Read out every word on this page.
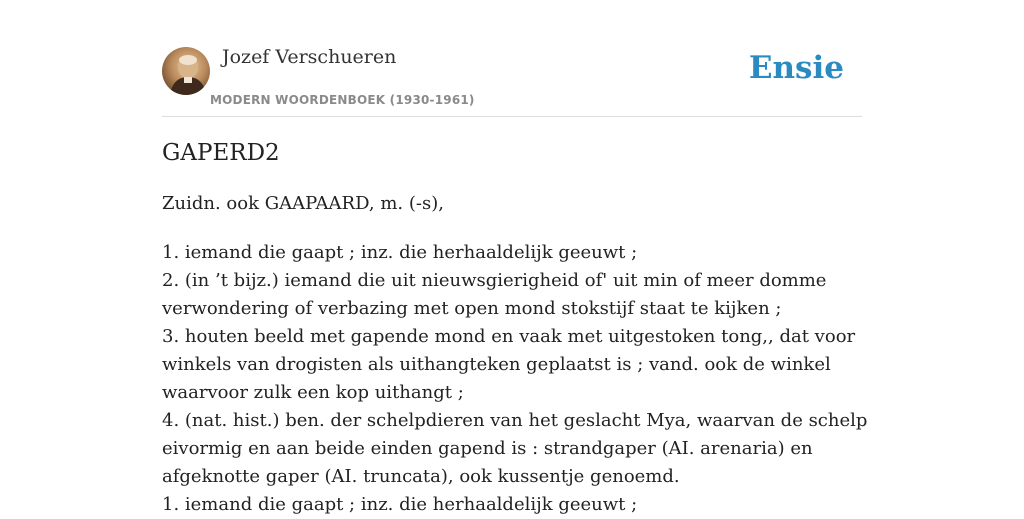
Jozef Verschueren
MODERN WOORDENBOEK (1930-1961)
Ensie
GAPERD2
Zuidn. ook GAAPAARD, m. (-s),
1. iemand die gaapt ; inz. die herhaaldelijk geeuwt ;
2. (in ’t bijz.) iemand die uit nieuwsgierigheid of' uit min of meer domme
verwondering of verbazing met open mond stokstijf staat te kijken ;
3. houten beeld met gapende mond en vaak met uitgestoken tong,, dat voor
winkels van drogisten als uithangteken geplaatst is ; vand. ook de winkel
waarvoor zulk een kop uithangt ;
4. (nat. hist.) ben. der schelpdieren van het geslacht Mya, waarvan de schelp
eivormig en aan beide einden gapend is : strandgaper (AI. arenaria) en
afgeknotte gaper (AI. truncata), ook kussentje genoemd.
1. iemand die gaapt ; inz. die herhaaldelijk geeuwt ;
